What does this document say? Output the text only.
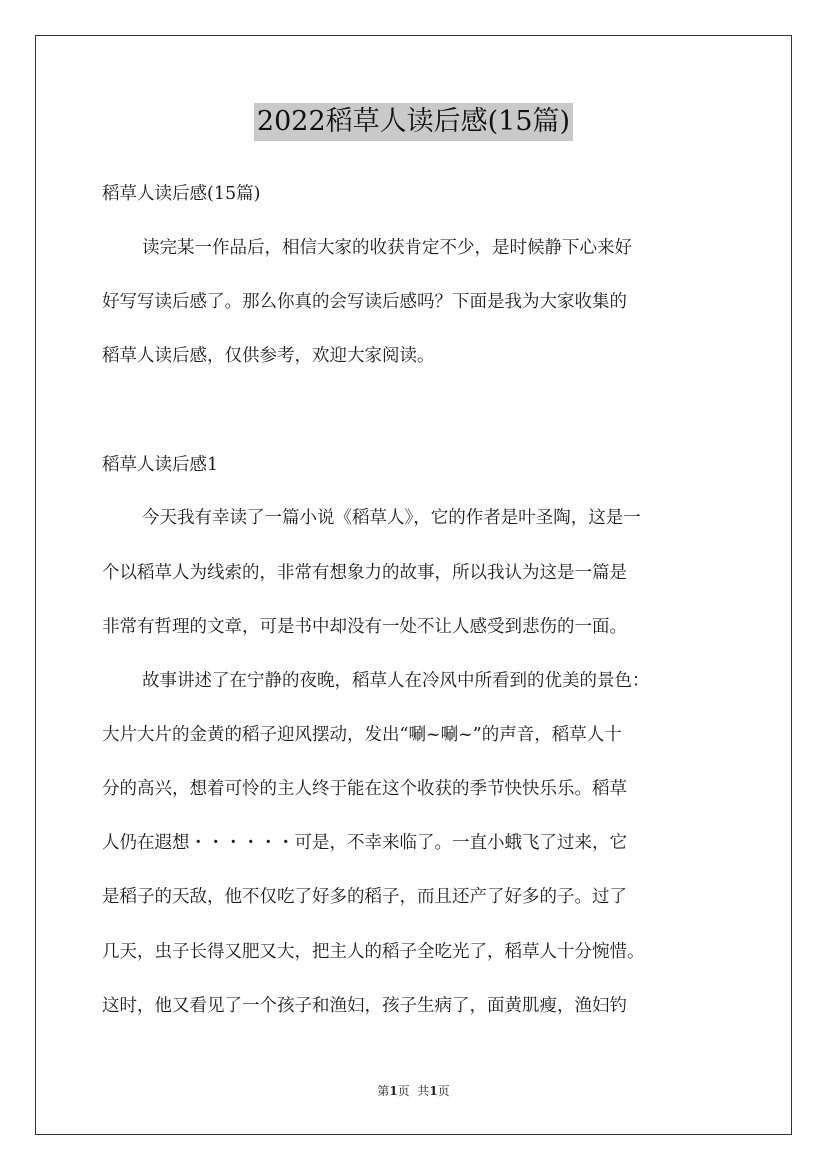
2022稻草人读后感(15篇)
稻草人读后感(15篇)
读完某一作品后，相信大家的收获肯定不少，是时候静下心来好
好写写读后感了。那么你真的会写读后感吗？下面是我为大家收集的
稻草人读后感，仅供参考，欢迎大家阅读。
稻草人读后感1
今天我有幸读了一篇小说《稻草人》，它的作者是叶圣陶，这是一
个以稻草人为线索的，非常有想象力的故事，所以我认为这是一篇是
非常有哲理的文章，可是书中却没有一处不让人感受到悲伤的一面。
故事讲述了在宁静的夜晚，稻草人在冷风中所看到的优美的景色：
大片大片的金黄的稻子迎风摆动，发出“唰~唰~”的声音，稻草人十
分的高兴，想着可怜的主人终于能在这个收获的季节快快乐乐。稻草
人仍在遐想・・・・・・可是，不幸来临了。一直小蛾飞了过来，它
是稻子的天敌，他不仅吃了好多的稻子，而且还产了好多的子。过了
几天，虫子长得又肥又大，把主人的稻子全吃光了，稻草人十分惋惜。
这时，他又看见了一个孩子和渔妇，孩子生病了，面黄肌瘦，渔妇钓
第1页  共1页
